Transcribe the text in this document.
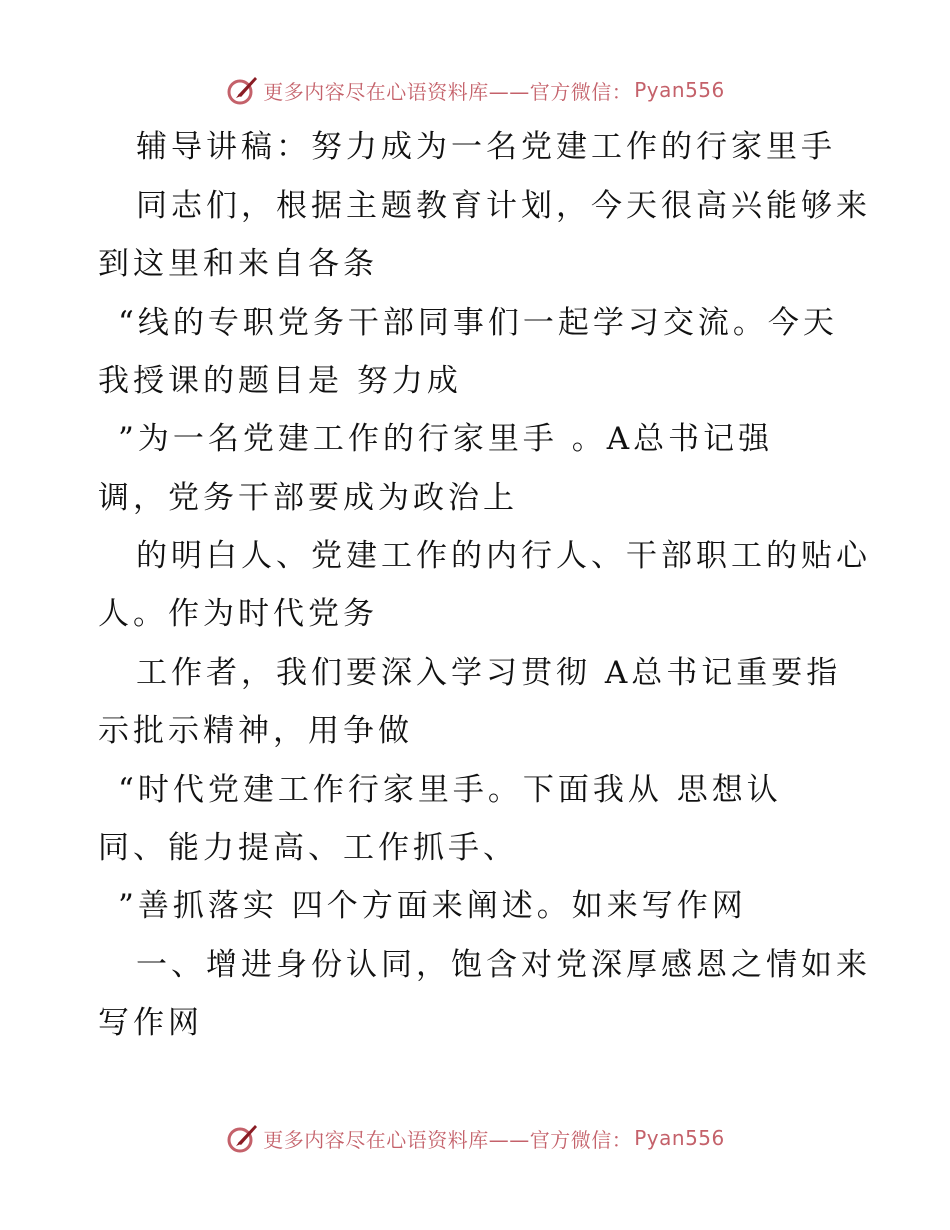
更多内容尽在心语资料库——官方微信： Pyan556
辅导讲稿：努力成为一名党建工作的行家里手
同志们，根据主题教育计划，今天很高兴能够来
到这里和来自各条
“线的专职党务干部同事们一起学习交流。今天
我授课的题目是 努力成
”为一名党建工作的行家里手 。A总书记强
调，党务干部要成为政治上
的明白人、党建工作的内行人、干部职工的贴心
人。作为时代党务
工作者，我们要深入学习贯彻 A总书记重要指
示批示精神，用争做
“时代党建工作行家里手。下面我从 思想认
同、能力提高、工作抓手、
”善抓落实 四个方面来阐述。如来写作网
一、增进身份认同，饱含对党深厚感恩之情如来
写作网
更多内容尽在心语资料库——官方微信： Pyan556
